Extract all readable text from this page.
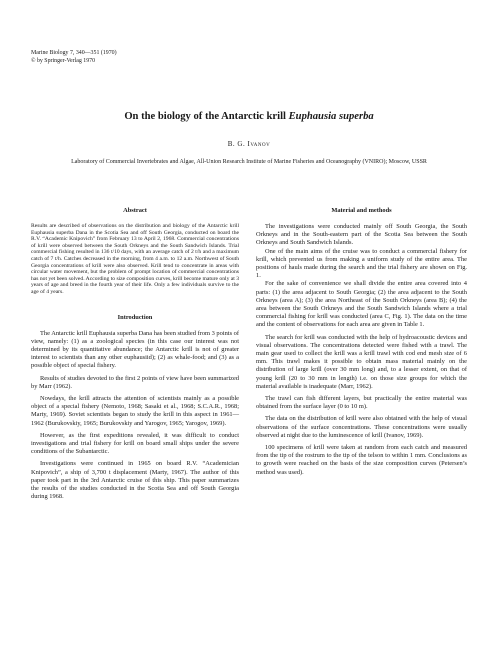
Marine Biology 7, 340—351 (1970)
© by Springer-Verlag 1970
On the biology of the Antarctic krill Euphausia superba
B. G. Ivanov
Laboratory of Commercial Invertebrates and Algae, All-Union Research Institute of Marine Fisheries and Oceanography (VNIRO); Moscow, USSR
Abstract

Results are described of observations on the distribution and biology of the Antarctic krill Euphausia superba Dana in the Scotia Sea and off South Georgia, conducted on board the R.V. “Academic Knipovich” from February 13 to April 2, 1968. Commercial concentrations of krill were observed between the South Orkneys and the South Sandwich Islands. Trial commercial fishing resulted in 136 t/10 days, with an average catch of 2 t/h and a maximum catch of 7 t/h. Catches decreased in the morning, from 4 a.m. to 12 a.m. Northwest of South Georgia concentrations of krill were also observed. Krill tend to concentrate in areas with circular water movement, but the problem of prompt location of commercial concentrations has not yet been solved. According to size composition curves, krill become mature only at 3 years of age and breed in the fourth year of their life. Only a few individuals survive to the age of 4 years.

Introduction

The Antarctic krill Euphausia superba Dana has been studied from 3 points of view, namely: (1) as a zoological species (in this case our interest was not determined by its quantitative abundance; the Antarctic krill is not of greater interest to scientists than any other euphausiid); (2) as whale-food; and (3) as a possible object of special fishery.

Results of studies devoted to the first 2 points of view have been summarized by Marr (1962).

Nowdays, the krill attracts the attention of scientists mainly as a possible object of a special fishery (Nemoto, 1968; Sasaki et al., 1968; S.C.A.R., 1968; Marty, 1969). Soviet scientists began to study the krill in this aspect in 1961—1962 (Burukovskiy, 1965; Burukovskiy and Yarogov, 1965; Yarogov, 1969).

However, as the first expeditions revealed, it was difficult to conduct investigations and trial fishery for krill on board small ships under the severe conditions of the Subantarctic.

Investigations were continued in 1965 on board R.V. “Academician Knipovich”, a ship of 3,700 t displacement (Marty, 1967). The author of this paper took part in the 3rd Antarctic cruise of this ship. This paper summarizes the results of the studies conducted in the Scotia Sea and off South Georgia during 1968.

Material and methods

The investigations were conducted mainly off South Georgia, the South Orkneys and in the South-eastern part of the Scotia Sea between the South Orkneys and South Sandwich Islands.

One of the main aims of the cruise was to conduct a commercial fishery for krill, which prevented us from making a uniform study of the entire area. The positions of hauls made during the search and the trial fishery are shown on Fig. 1.

For the sake of convenience we shall divide the entire area covered into 4 parts: (1) the area adjacent to South Georgia; (2) the area adjacent to the South Orkneys (area A); (3) the area Northeast of the South Orkneys (area B); (4) the area between the South Orkneys and the South Sandwich Islands where a trial commercial fishing for krill was conducted (area C, Fig. 1). The data on the time and the content of observations for each area are given in Table 1.

The search for krill was conducted with the help of hydroacoustic devices and visual observations. The concentrations detected were fished with a trawl. The main gear used to collect the krill was a krill trawl with cod end mesh size of 6 mm. This trawl makes it possible to obtain mass material mainly on the distribution of large krill (over 30 mm long) and, to a lesser extent, on that of young krill (20 to 30 mm in length) i.e. on those size groups for which the material available is inadequate (Marr, 1962).

The trawl can fish different layers, but practically the entire material was obtained from the surface layer (0 to 10 m).

The data on the distribution of krill were also obtained with the help of visual observations of the surface concentrations. These concentrations were usually observed at night due to the luminescence of krill (Ivanov, 1969).

100 specimens of krill were taken at random from each catch and measured from the tip of the rostrum to the tip of the telson to within 1 mm. Conclusions as to growth were reached on the basis of the size composition curves (Petersen’s method was used).
